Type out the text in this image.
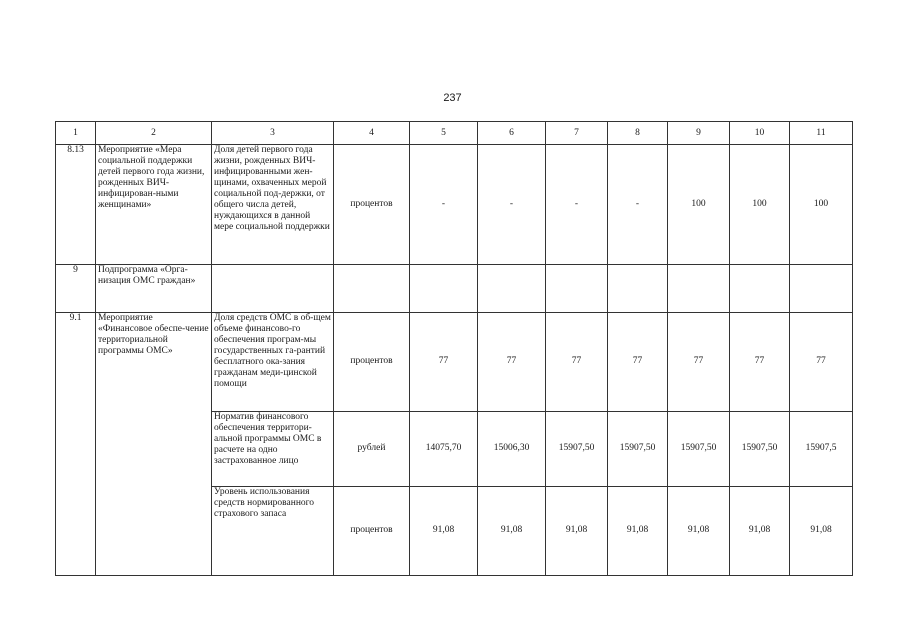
237
1	2	3	4	5	6	7	8	9	10	11
8.13	Мероприятие «Мера социальной поддержки детей первого года жизни, рожденных ВИЧ-инфицирован-ными женщинами»	Доля детей первого года жизни, рожденных ВИЧ-инфицированными жен-щинами, охваченных мерой социальной под-держки, от общего числа детей, нуждающихся в данной мере социальной поддержки	процентов	-	-	-	-	100	100	100
9	Подпрограмма «Орга-низация ОМС граждан»									
9.1	Мероприятие «Финансовое обеспе-чение территориальной программы ОМС»	Доля средств ОМС в об-щем объеме финансово-го обеспечения програм-мы государственных га-рантий бесплатного ока-зания гражданам меди-цинской помощи	процентов	77	77	77	77	77	77	77
		Норматив финансового обеспечения территори-альной программы ОМС в расчете на одно застрахованное лицо	рублей	14075,70	15006,30	15907,50	15907,50	15907,50	15907,50	15907,5
		Уровень использования средств нормированного страхового запаса	процентов	91,08	91,08	91,08	91,08	91,08	91,08	91,08
